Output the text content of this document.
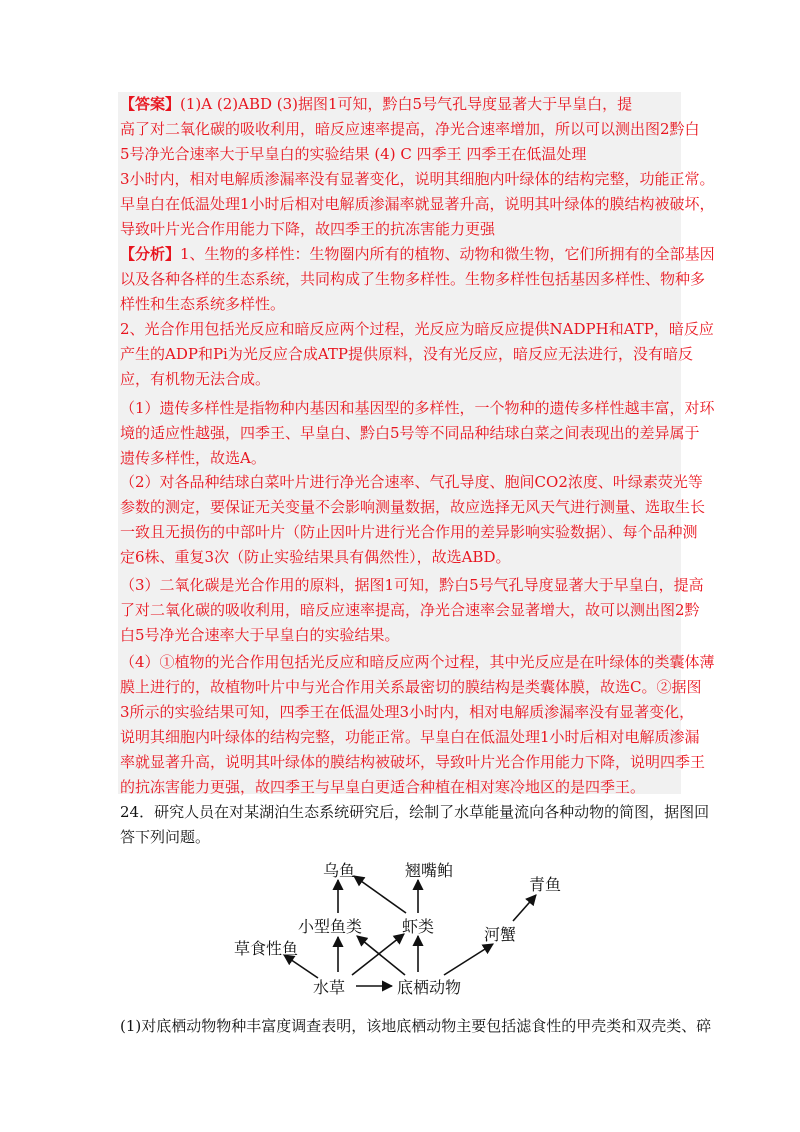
【答案】(1)A (2)ABD (3)据图1可知，黔白5号气孔导度显著大于早皇白，提
高了对二氧化碳的吸收利用，暗反应速率提高，净光合速率增加，所以可以测出图2黔白
5号净光合速率大于早皇白的实验结果 (4) C 四季王 四季王在低温处理
3小时内，相对电解质渗漏率没有显著变化，说明其细胞内叶绿体的结构完整，功能正常。
早皇白在低温处理1小时后相对电解质渗漏率就显著升高，说明其叶绿体的膜结构被破坏，
导致叶片光合作用能力下降，故四季王的抗冻害能力更强
【分析】1、生物的多样性：生物圈内所有的植物、动物和微生物，它们所拥有的全部基因
以及各种各样的生态系统，共同构成了生物多样性。生物多样性包括基因多样性、物种多
样性和生态系统多样性。
2、光合作用包括光反应和暗反应两个过程，光反应为暗反应提供NADPH和ATP，暗反应
产生的ADP和Pi为光反应合成ATP提供原料，没有光反应，暗反应无法进行，没有暗反
应，有机物无法合成。
（1）遗传多样性是指物种内基因和基因型的多样性，一个物种的遗传多样性越丰富，对环
境的适应性越强，四季王、早皇白、黔白5号等不同品种结球白菜之间表现出的差异属于
遗传多样性，故选A。
（2）对各品种结球白菜叶片进行净光合速率、气孔导度、胞间CO2浓度、叶绿素荧光等
参数的测定，要保证无关变量不会影响测量数据，故应选择无风天气进行测量、选取生长
一致且无损伤的中部叶片（防止因叶片进行光合作用的差异影响实验数据）、每个品种测
定6株、重复3次（防止实验结果具有偶然性），故选ABD。
（3）二氧化碳是光合作用的原料，据图1可知，黔白5号气孔导度显著大于早皇白，提高
了对二氧化碳的吸收利用，暗反应速率提高，净光合速率会显著增大，故可以测出图2黔
白5号净光合速率大于早皇白的实验结果。
（4）①植物的光合作用包括光反应和暗反应两个过程，其中光反应是在叶绿体的类囊体薄
膜上进行的，故植物叶片中与光合作用关系最密切的膜结构是类囊体膜，故选C。②据图
3所示的实验结果可知，四季王在低温处理3小时内，相对电解质渗漏率没有显著变化，
说明其细胞内叶绿体的结构完整，功能正常。早皇白在低温处理1小时后相对电解质渗漏
率就显著升高，说明其叶绿体的膜结构被破坏，导致叶片光合作用能力下降，说明四季王
的抗冻害能力更强，故四季王与早皇白更适合种植在相对寒冷地区的是四季王。
24．研究人员在对某湖泊生态系统研究后，绘制了水草能量流向各种动物的简图，据图回
答下列问题。
乌鱼	翘嘴鲌
青鱼
小型鱼类 虾类	河蟹
草食性鱼
水草	底栖动物
(1)对底栖动物物种丰富度调查表明，该地底栖动物主要包括滤食性的甲壳类和双壳类、碎
